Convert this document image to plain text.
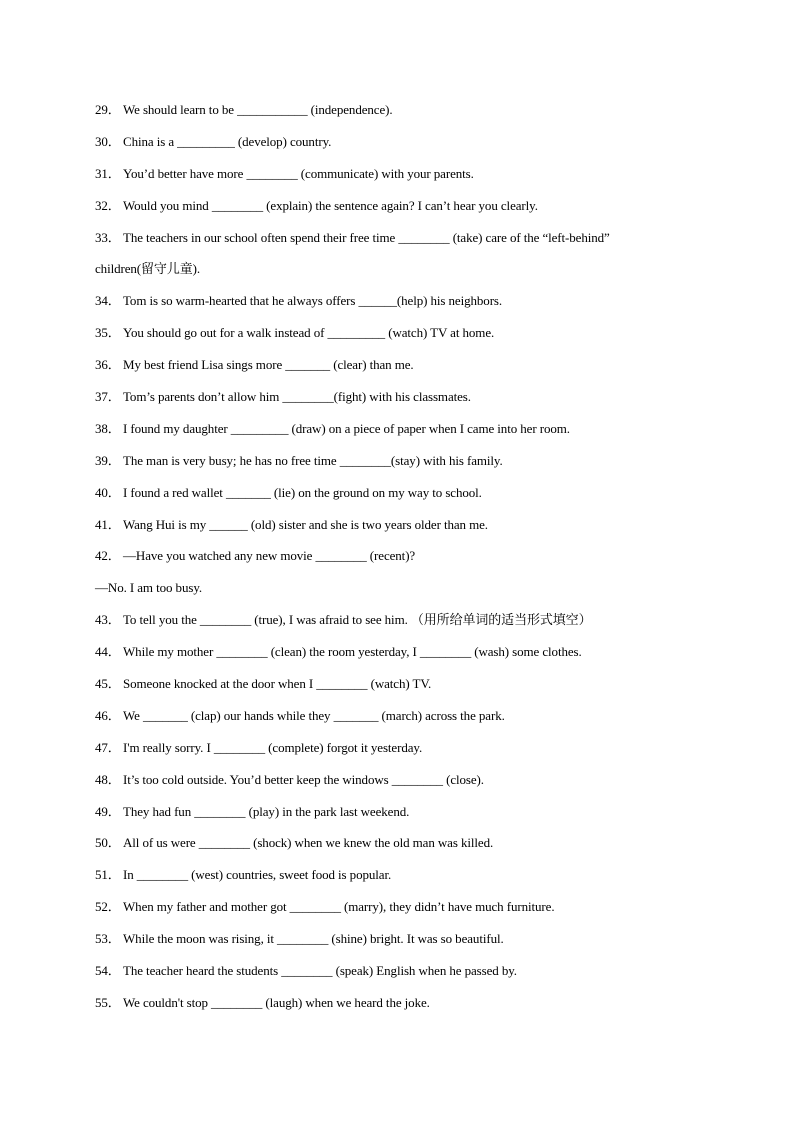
29． We should learn to be ___________ (independence).
30． China is a _________ (develop) country.
31． You’d better have more ________ (communicate) with your parents.
32． Would you mind ________ (explain) the sentence again? I can’t hear you clearly.
33． The teachers in our school often spend their free time ________ (take) care of the “left-behind”
children(留守儿童).
34． Tom is so warm-hearted that he always offers ______(help) his neighbors.
35． You should go out for a walk instead of _________ (watch) TV at home.
36． My best friend Lisa sings more _______ (clear) than me.
37． Tom’s parents don’t allow him ________(fight) with his classmates.
38． I found my daughter _________ (draw) on a piece of paper when I came into her room.
39． The man is very busy; he has no free time ________(stay) with his family.
40． I found a red wallet _______ (lie) on the ground on my way to school.
41． Wang Hui is my ______ (old) sister and she is two years older than me.
42． —Have you watched any new movie ________ (recent)?
—No. I am too busy.
43． To tell you the ________ (true), I was afraid to see him. （用所给单词的适当形式填空）
44． While my mother ________ (clean) the room yesterday, I ________ (wash) some clothes.
45． Someone knocked at the door when I ________ (watch) TV.
46． We _______ (clap) our hands while they _______ (march) across the park.
47． I'm really sorry. I ________ (complete) forgot it yesterday.
48． It’s too cold outside. You’d better keep the windows ________ (close).
49． They had fun ________ (play) in the park last weekend.
50． All of us were ________ (shock) when we knew the old man was killed.
51． In ________ (west) countries, sweet food is popular.
52． When my father and mother got ________ (marry), they didn’t have much furniture.
53． While the moon was rising, it ________ (shine) bright. It was so beautiful.
54． The teacher heard the students ________ (speak) English when he passed by.
55． We couldn't stop ________ (laugh) when we heard the joke.
